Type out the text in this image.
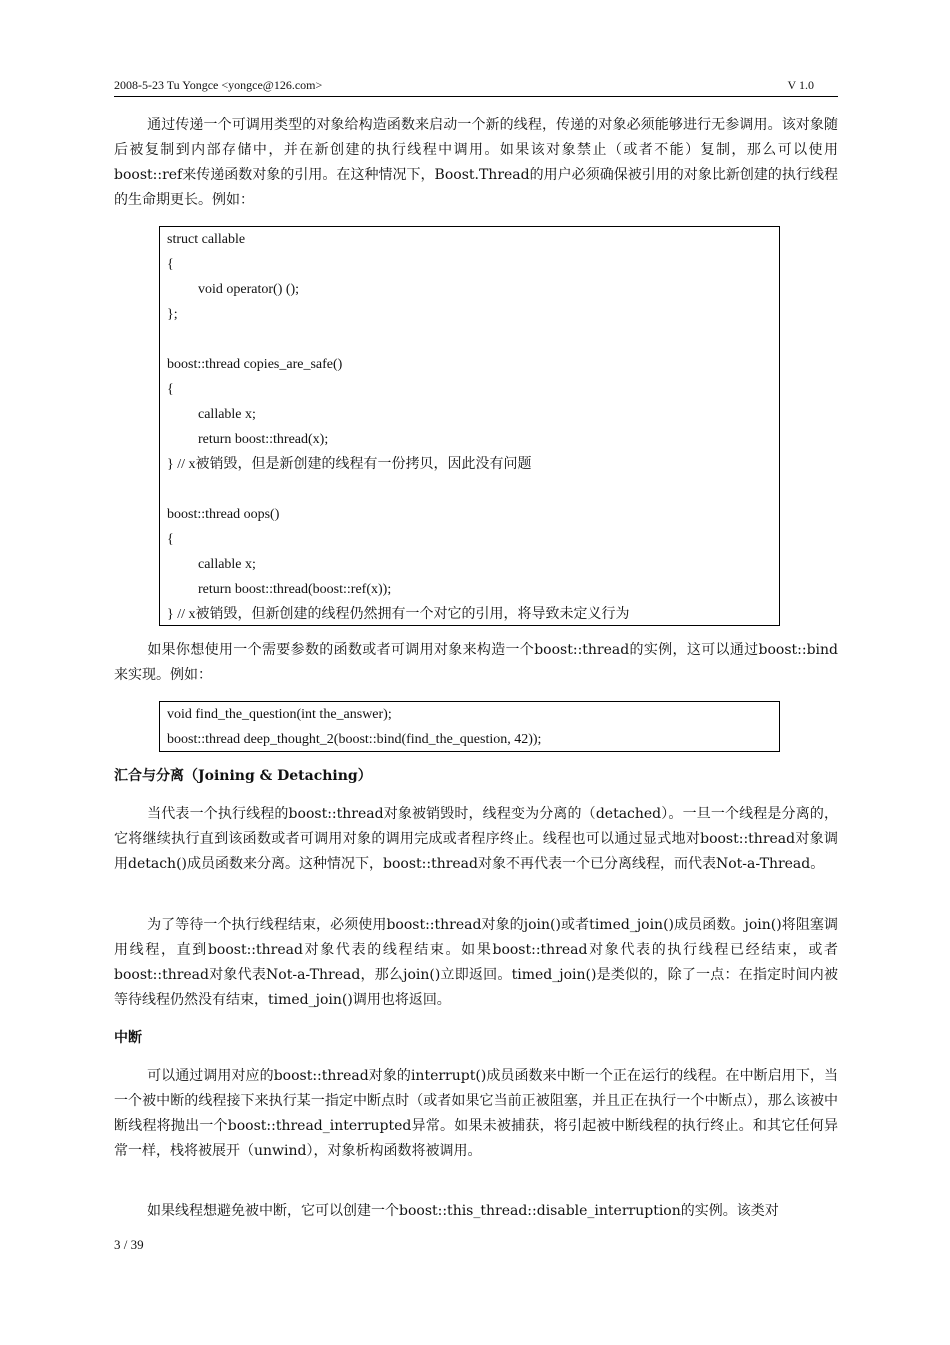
2008-5-23 Tu Yongce <yongce@126.com>	V 1.0

通过传递一个可调用类型的对象给构造函数来启动一个新的线程，传递的对象必须能够进行无参调用。该对象随后被复制到内部存储中，并在新创建的执行线程中调用。如果该对象禁止（或者不能）复制，那么可以使用boost::ref来传递函数对象的引用。在这种情况下，Boost.Thread的用户必须确保被引用的对象比新创建的执行线程的生命期更长。例如：

struct callable
{
void operator() ();
};
boost::thread copies_are_safe()
{
callable x;
return boost::thread(x);
} // x被销毁，但是新创建的线程有一份拷贝，因此没有问题
boost::thread oops()
{
callable x;
return boost::thread(boost::ref(x));
} // x被销毁，但新创建的线程仍然拥有一个对它的引用，将导致未定义行为

如果你想使用一个需要参数的函数或者可调用对象来构造一个boost::thread的实例，这可以通过boost::bind来实现。例如：

void find_the_question(int the_answer);
boost::thread deep_thought_2(boost::bind(find_the_question, 42));
汇合与分离（Joining & Detaching）

当代表一个执行线程的boost::thread对象被销毁时，线程变为分离的（detached）。一旦一个线程是分离的，它将继续执行直到该函数或者可调用对象的调用完成或者程序终止。线程也可以通过显式地对boost::thread对象调用detach()成员函数来分离。这种情况下，boost::thread对象不再代表一个已分离线程，而代表Not-a-Thread。

为了等待一个执行线程结束，必须使用boost::thread对象的join()或者timed_join()成员函数。join()将阻塞调用线程，直到boost::thread对象代表的线程结束。如果boost::thread对象代表的执行线程已经结束，或者boost::thread对象代表Not-a-Thread，那么join()立即返回。timed_join()是类似的，除了一点：在指定时间内被等待线程仍然没有结束，timed_join()调用也将返回。

中断

可以通过调用对应的boost::thread对象的interrupt()成员函数来中断一个正在运行的线程。在中断启用下，当一个被中断的线程接下来执行某一指定中断点时（或者如果它当前正被阻塞，并且正在执行一个中断点），那么该被中断线程将抛出一个boost::thread_interrupted异常。如果未被捕获，将引起被中断线程的执行终止。和其它任何异常一样，栈将被展开（unwind），对象析构函数将被调用。

如果线程想避免被中断，它可以创建一个boost::this_thread::disable_interruption的实例。该类对

3 / 39
